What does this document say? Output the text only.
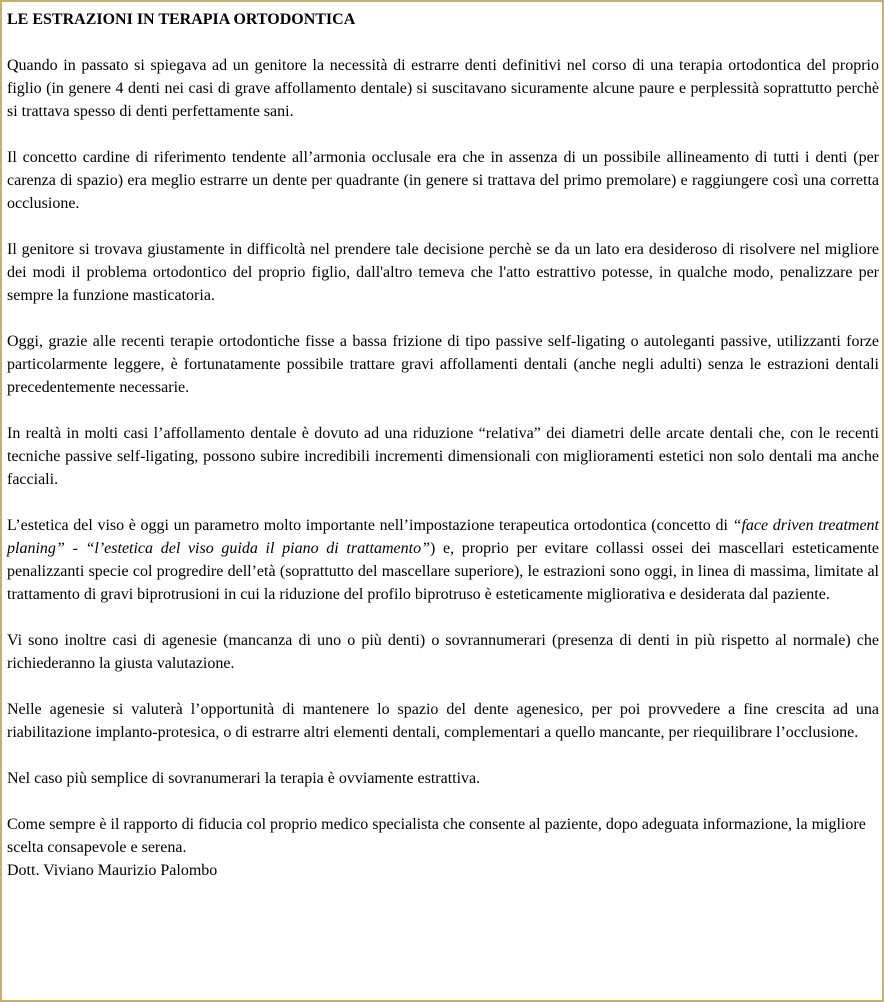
LE ESTRAZIONI IN TERAPIA ORTODONTICA

Quando in passato si spiegava ad un genitore la necessità di estrarre denti definitivi nel corso di una terapia ortodontica del proprio figlio (in genere 4 denti nei casi di grave affollamento dentale) si suscitavano sicuramente alcune paure e perplessità soprattutto perchè si trattava spesso di denti perfettamente sani.

Il concetto cardine di riferimento tendente all’armonia occlusale era che in assenza di un possibile allineamento di tutti i denti (per carenza di spazio) era meglio estrarre un dente per quadrante (in genere si trattava del primo premolare) e raggiungere così una corretta occlusione.

Il genitore si trovava giustamente in difficoltà nel prendere tale decisione perchè se da un lato era desideroso di risolvere nel migliore dei modi il problema ortodontico del proprio figlio, dall'altro temeva che l'atto estrattivo potesse, in qualche modo, penalizzare per sempre la funzione masticatoria.

Oggi, grazie alle recenti terapie ortodontiche fisse a bassa frizione di tipo passive self-ligating o autoleganti passive, utilizzanti forze particolarmente leggere, è fortunatamente possibile trattare gravi affollamenti dentali (anche negli adulti) senza le estrazioni dentali precedentemente necessarie.

In realtà in molti casi l’affollamento dentale è dovuto ad una riduzione “relativa” dei diametri delle arcate dentali che, con le recenti tecniche passive self-ligating, possono subire incredibili incrementi dimensionali con miglioramenti estetici non solo dentali ma anche facciali.

L’estetica del viso è oggi un parametro molto importante nell’impostazione terapeutica ortodontica (concetto di “face driven treatment planing” - “l’estetica del viso guida il piano di trattamento”) e, proprio per evitare collassi ossei dei mascellari esteticamente penalizzanti specie col progredire dell’età (soprattutto del mascellare superiore), le estrazioni sono oggi, in linea di massima, limitate al trattamento di gravi biprotrusioni in cui la riduzione del profilo biprotruso è esteticamente migliorativa e desiderata dal paziente.

Vi sono inoltre casi di agenesie (mancanza di uno o più denti) o sovrannumerari (presenza di denti in più rispetto al normale) che richiederanno la giusta valutazione.

Nelle agenesie si valuterà l’opportunità di mantenere lo spazio del dente agenesico, per poi provvedere a fine crescita ad una riabilitazione implanto-protesica, o di estrarre altri elementi dentali, complementari a quello mancante, per riequilibrare l’occlusione.

Nel caso più semplice di sovranumerari la terapia è ovviamente estrattiva.

Come sempre è il rapporto di fiducia col proprio medico specialista che consente al paziente, dopo adeguata informazione, la migliore scelta consapevole e serena.

Dott. Viviano Maurizio Palombo
